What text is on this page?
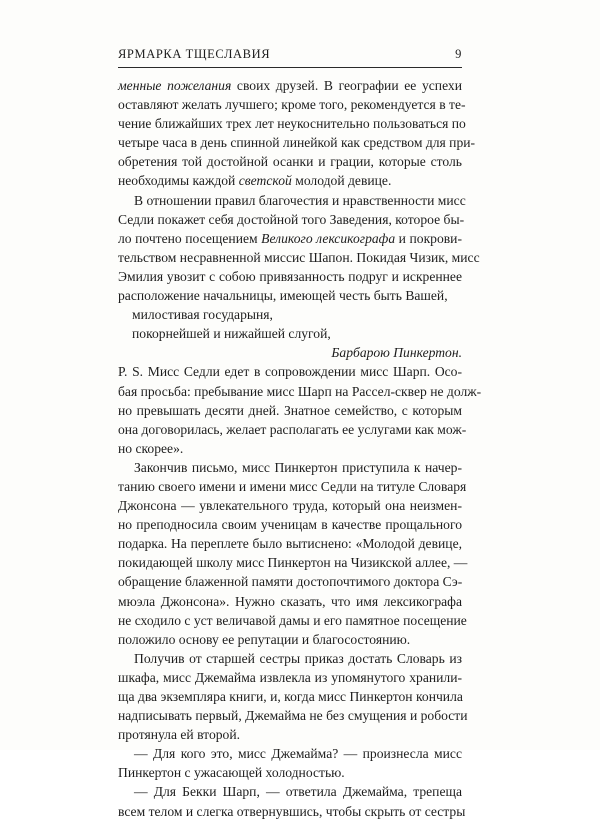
ЯРМАРКА ТЩЕСЛАВИЯ	9

менные пожелания своих друзей. В географии ее успехи
оставляют желать лучшего; кроме того, рекомендуется в те-
чение ближайших трех лет неукоснительно пользоваться по
четыре часа в день спинной линейкой как средством для при-
обретения той достойной осанки и грации, которые столь
необходимы каждой светской молодой девице.

В отношении правил благочестия и нравственности мисс
Седли покажет себя достойной того Заведения, которое бы-
ло почтено посещением Великого лексикографа и покрови-
тельством несравненной миссис Шапон. Покидая Чизик, мисс
Эмилия увозит с собою привязанность подруг и искреннее
расположение начальницы, имеющей честь быть Вашей,

милостивая государыня,
покорнейшей и нижайшей слугой,

Барбарою Пинкертон.

P. S. Мисс Седли едет в сопровождении мисс Шарп. Осо-
бая просьба: пребывание мисс Шарп на Рассел-сквер не долж-
но превышать десяти дней. Знатное семейство, с которым
она договорилась, желает располагать ее услугами как мож-
но скорее».

Закончив письмо, мисс Пинкертон приступила к начер-
танию своего имени и имени мисс Седли на титуле Словаря
Джонсона — увлекательного труда, который она неизмен-
но преподносила своим ученицам в качестве прощального
подарка. На переплете было вытиснено: «Молодой девице,
покидающей школу мисс Пинкертон на Чизикской аллее, —
обращение блаженной памяти достопочтимого доктора Сэ-
мюэла Джонсона». Нужно сказать, что имя лексикографа
не сходило с уст величавой дамы и его памятное посещение
положило основу ее репутации и благосостоянию.

Получив от старшей сестры приказ достать Словарь из
шкафа, мисс Джемайма извлекла из упомянутого хранили-
ща два экземпляра книги, и, когда мисс Пинкертон кончила
надписывать первый, Джемайма не без смущения и робости
протянула ей второй.

— Для кого это, мисс Джемайма? — произнесла мисс
Пинкертон с ужасающей холодностью.

— Для Бекки Шарп, — ответила Джемайма, трепеща
всем телом и слегка отвернувшись, чтобы скрыть от сестры
